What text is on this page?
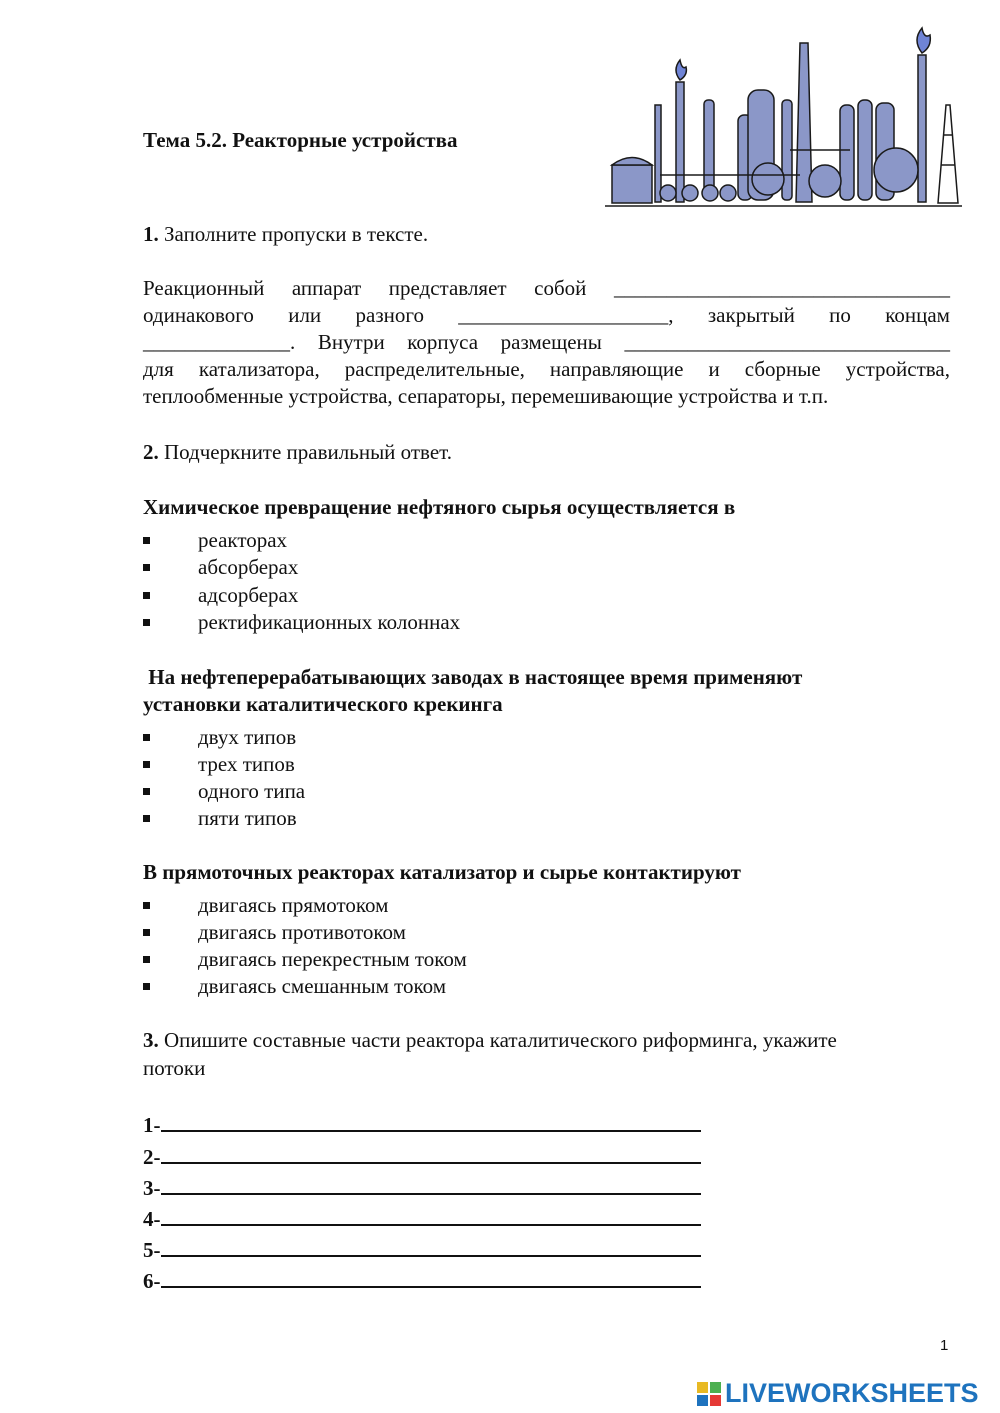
Тема 5.2. Реакторные устройства
1. Заполните пропуски в тексте.
Реакционный аппарат представляет собой ________________________________
одинакового или разного ____________________, закрытый по концам
______________. Внутри корпуса размещены _______________________________
для катализатора, распределительные, направляющие и сборные устройства,
теплообменные устройства, сепараторы, перемешивающие устройства и т.п.
2. Подчеркните правильный ответ.
Химическое превращение нефтяного сырья осуществляется в
реакторах
абсорберах
адсорберах
ректификационных колоннах
На нефтеперерабатывающих заводах в настоящее время применяют
установки каталитического крекинга
двух типов
трех типов
одного типа
пяти типов
В прямоточных реакторах катализатор и сырье контактируют
двигаясь прямотоком
двигаясь противотоком
двигаясь перекрестным током
двигаясь смешанным током
3. Опишите составные части реактора каталитического риформинга, укажите
потоки
1-
2-
3-
4-
5-
6-
1
LIVEWORKSHEETS
